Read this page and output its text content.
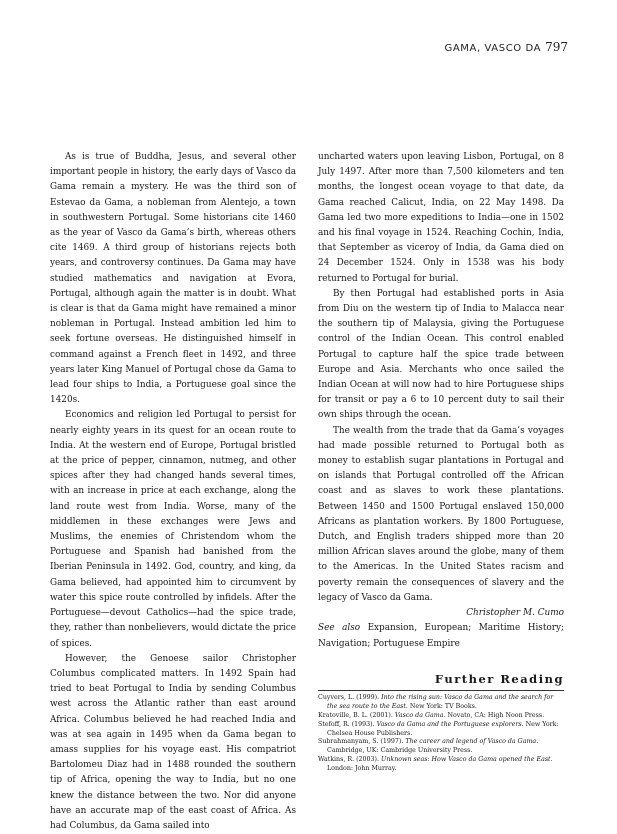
GAMA, VASCO DA 797

As is true of Buddha, Jesus, and several other important people in history, the early days of Vasco da Gama remain a mystery. He was the third son of Estevao da Gama, a nobleman from Alentejo, a town in southwestern Portugal. Some historians cite 1460 as the year of Vasco da Gama’s birth, whereas others cite 1469. A third group of historians rejects both years, and controversy continues. Da Gama may have studied mathematics and navigation at Evora, Portugal, although again the matter is in doubt. What is clear is that da Gama might have remained a minor nobleman in Portugal. Instead ambition led him to seek fortune overseas. He distinguished himself in command against a French fleet in 1492, and three years later King Manuel of Portugal chose da Gama to lead four ships to India, a Portuguese goal since the 1420s.

Economics and religion led Portugal to persist for nearly eighty years in its quest for an ocean route to India. At the western end of Europe, Portugal bristled at the price of pepper, cinnamon, nutmeg, and other spices after they had changed hands several times, with an increase in price at each exchange, along the land route west from India. Worse, many of the middlemen in these exchanges were Jews and Muslims, the enemies of Christendom whom the Portuguese and Spanish had banished from the Iberian Peninsula in 1492. God, country, and king, da Gama believed, had appointed him to circumvent by water this spice route controlled by infidels. After the Portuguese—devout Catholics—had the spice trade, they, rather than nonbelievers, would dictate the price of spices.

However, the Genoese sailor Christopher Columbus complicated matters. In 1492 Spain had tried to beat Portugal to India by sending Columbus west across the Atlantic rather than east around Africa. Columbus believed he had reached India and was at sea again in 1495 when da Gama began to amass supplies for his voyage east. His compatriot Bartolomeu Diaz had in 1488 rounded the southern tip of Africa, opening the way to India, but no one knew the distance between the two. Nor did anyone have an accurate map of the east coast of Africa. As had Columbus, da Gama sailed into

uncharted waters upon leaving Lisbon, Portugal, on 8 July 1497. After more than 7,500 kilometers and ten months, the longest ocean voyage to that date, da Gama reached Calicut, India, on 22 May 1498. Da Gama led two more expeditions to India—one in 1502 and his final voyage in 1524. Reaching Cochin, India, that September as viceroy of India, da Gama died on 24 December 1524. Only in 1538 was his body returned to Portugal for burial.

By then Portugal had established ports in Asia from Diu on the western tip of India to Malacca near the southern tip of Malaysia, giving the Portuguese control of the Indian Ocean. This control enabled Portugal to capture half the spice trade between Europe and Asia. Merchants who once sailed the Indian Ocean at will now had to hire Portuguese ships for transit or pay a 6 to 10 percent duty to sail their own ships through the ocean.

The wealth from the trade that da Gama’s voyages had made possible returned to Portugal both as money to establish sugar plantations in Portugal and on islands that Portugal controlled off the African coast and as slaves to work these plantations. Between 1450 and 1500 Portugal enslaved 150,000 Africans as plantation workers. By 1800 Portuguese, Dutch, and English traders shipped more than 20 million African slaves around the globe, many of them to the Americas. In the United States racism and poverty remain the consequences of slavery and the legacy of Vasco da Gama.

Christopher M. Cumo

See also Expansion, European; Maritime History; Navigation; Portuguese Empire

Further Reading
Cuyvers, L. (1999). Into the rising sun: Vasco da Gama and the search for the sea route to the East. New York: TV Books.
Kratoville, B. L. (2001). Vasco da Gama. Novato, CA: High Noon Press.
Stefoff, R. (1993). Vasco da Gama and the Portuguese explorers. New York: Chelsea House Publishers.
Subrahmanyam, S. (1997). The career and legend of Vasco da Gama. Cambridge, UK: Cambridge University Press.
Watkins, R. (2003). Unknown seas: How Vasco da Gama opened the East. London: John Murray.
